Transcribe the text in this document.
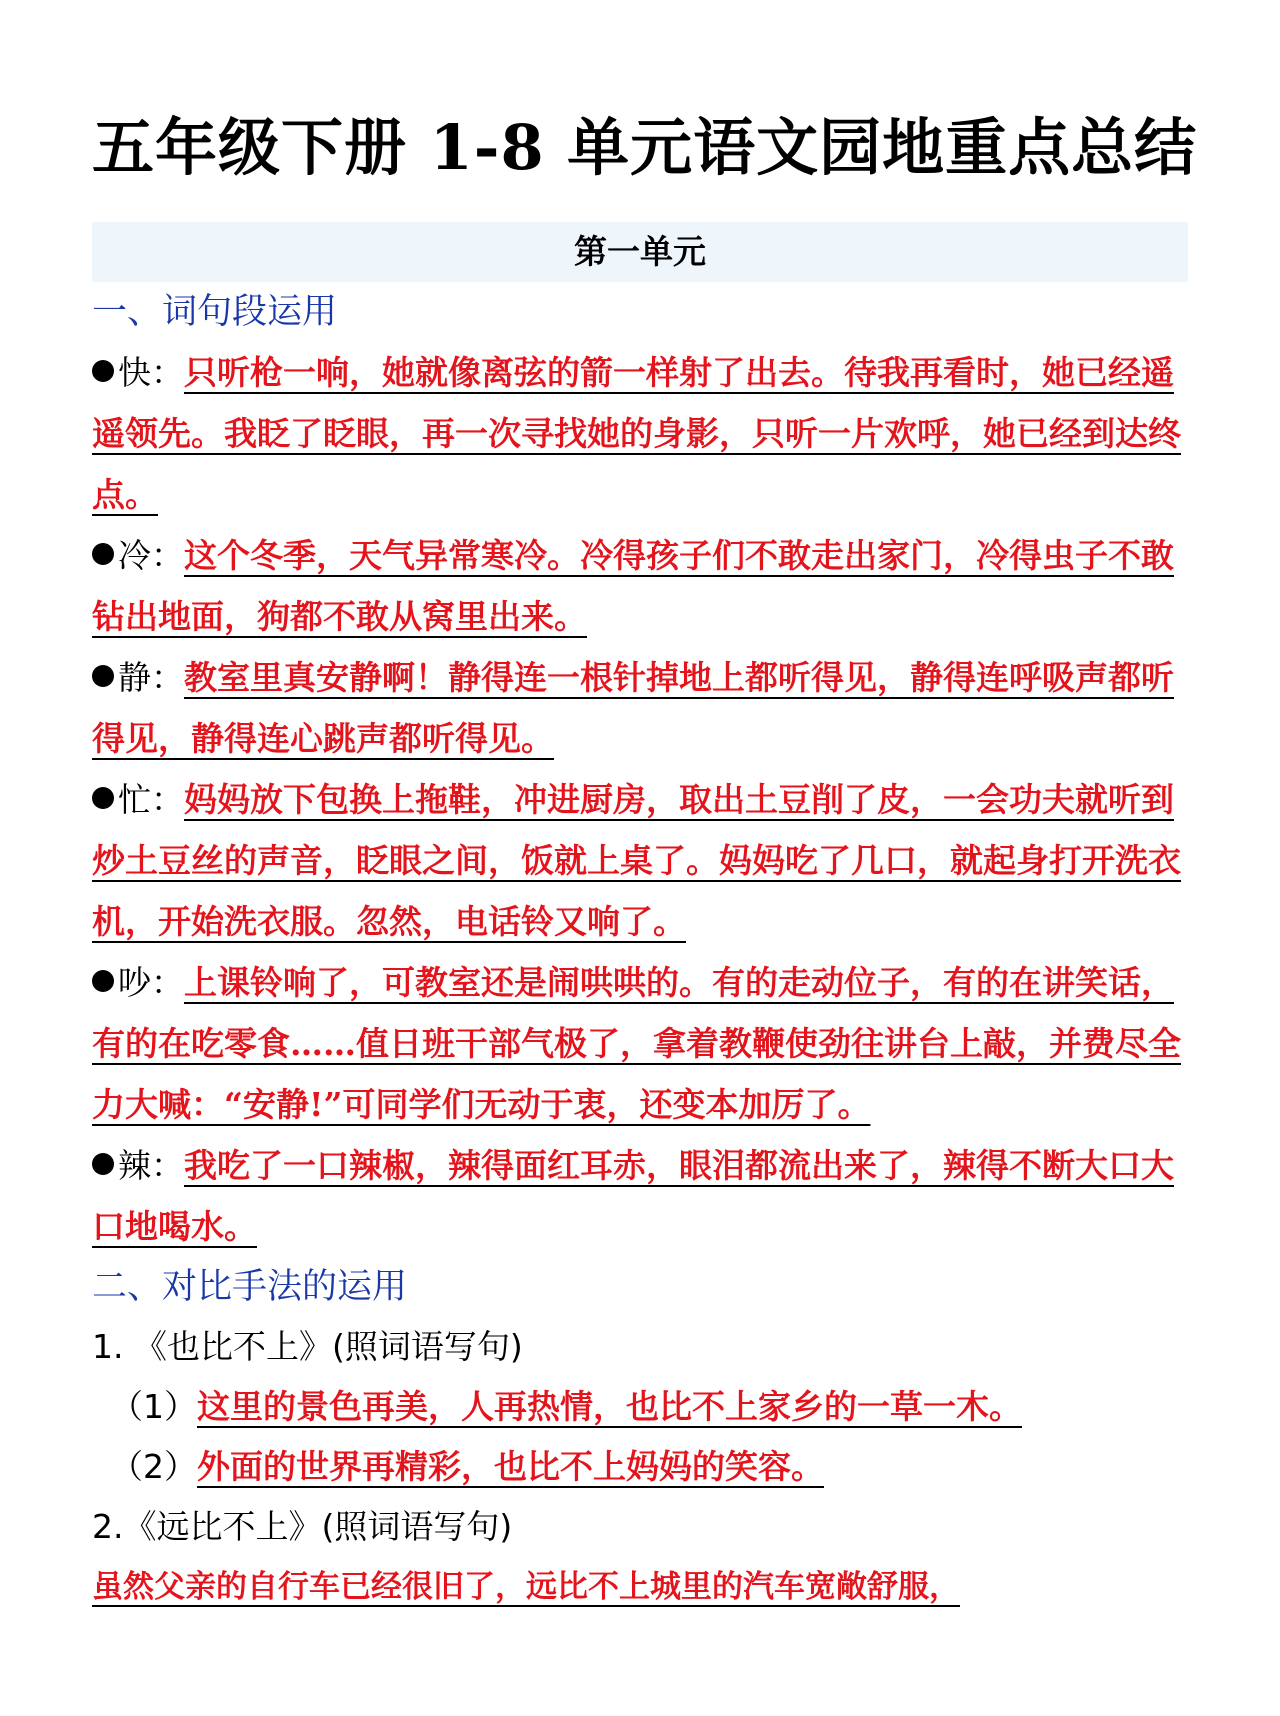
五年级下册 1-8 单元语文园地重点总结
第一单元
一、词句段运用
快：只听枪一响，她就像离弦的箭一样射了出去。待我再看时，她已经遥遥领先。我眨了眨眼，再一次寻找她的身影，只听一片欢呼，她已经到达终点。
冷：这个冬季，天气异常寒冷。冷得孩子们不敢走出家门，冷得虫子不敢钻出地面，狗都不敢从窝里出来。
静：教室里真安静啊！静得连一根针掉地上都听得见，静得连呼吸声都听得见，静得连心跳声都听得见。
忙：妈妈放下包换上拖鞋，冲进厨房，取出土豆削了皮，一会功夫就听到炒土豆丝的声音，眨眼之间，饭就上桌了。妈妈吃了几口，就起身打开洗衣机，开始洗衣服。忽然，电话铃又响了。
吵：上课铃响了，可教室还是闹哄哄的。有的走动位子，有的在讲笑话，有的在吃零食……值日班干部气极了，拿着教鞭使劲往讲台上敲，并费尽全力大喊：“安静!”可同学们无动于衷，还变本加厉了。
辣：我吃了一口辣椒，辣得面红耳赤，眼泪都流出来了，辣得不断大口大口地喝水。
二、对比手法的运用
1. 《也比不上》(照词语写句)
（1）这里的景色再美，人再热情，也比不上家乡的一草一木。
（2）外面的世界再精彩，也比不上妈妈的笑容。
2.《远比不上》(照词语写句)
虽然父亲的自行车已经很旧了，远比不上城里的汽车宽敞舒服，
